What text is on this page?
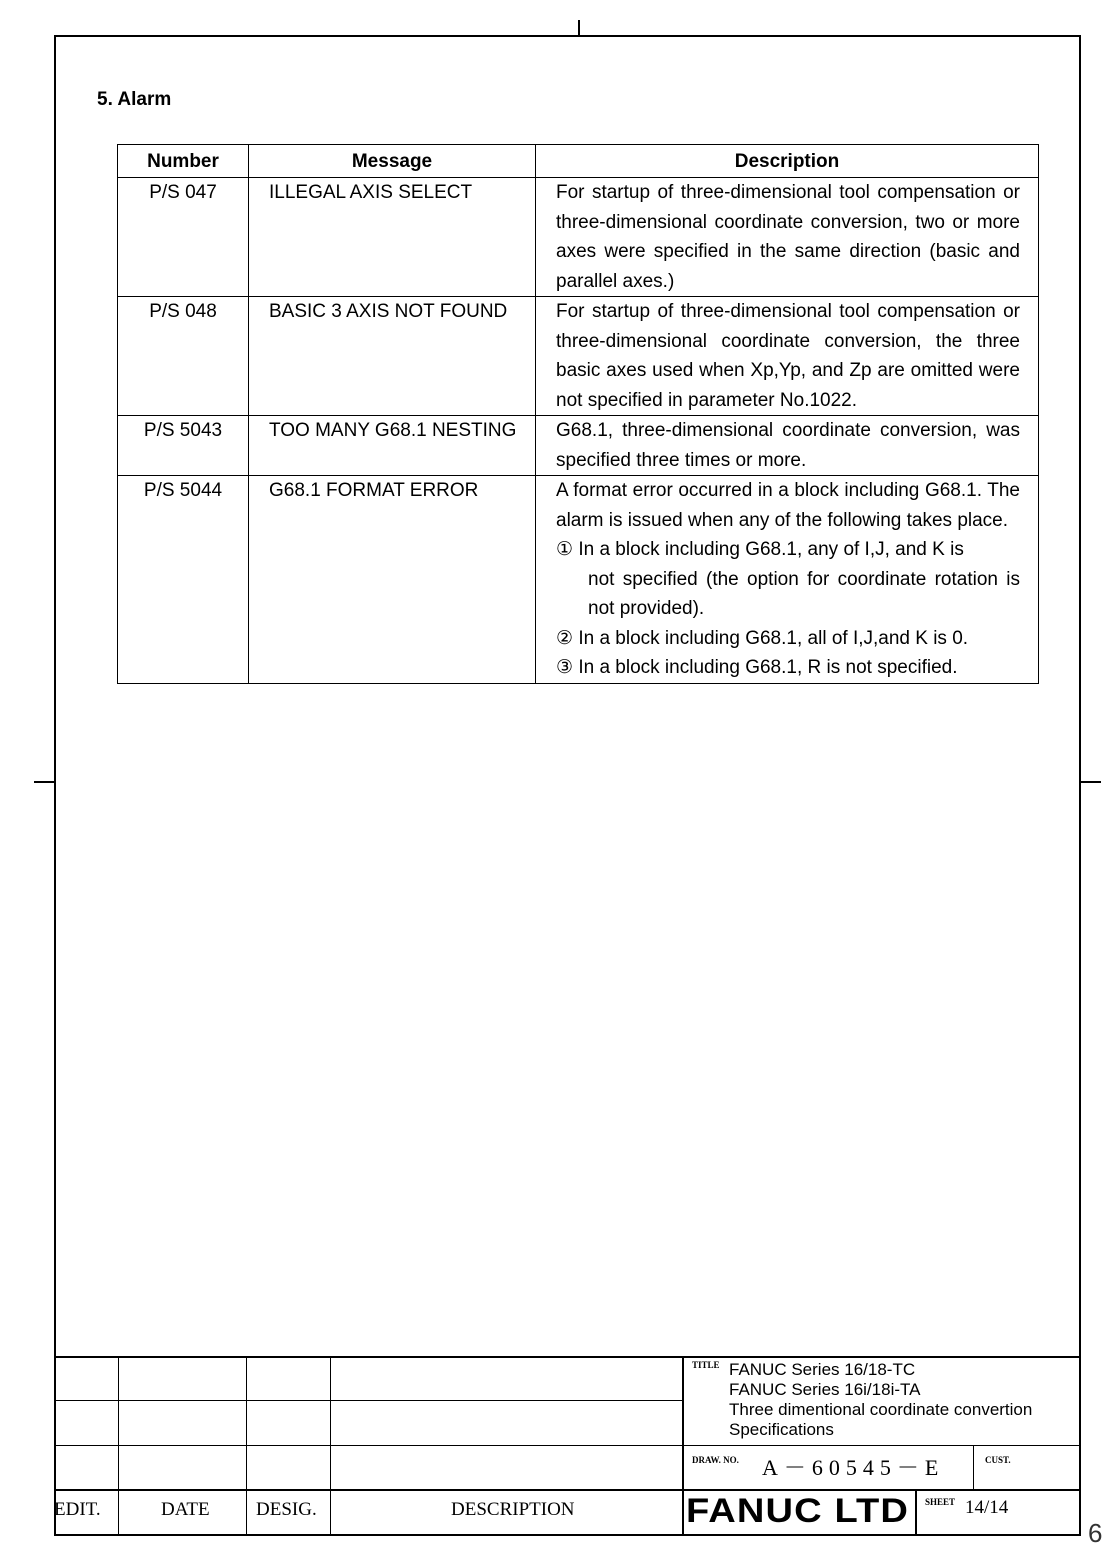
5. Alarm
Number	Message	Description
P/S 047	ILLEGAL AXIS SELECT	For startup of three-dimensional tool compensation or three-dimensional coordinate conversion, two or more axes were specified in the same direction (basic and parallel axes.)
P/S 048	BASIC 3 AXIS NOT FOUND	For startup of three-dimensional tool compensation or three-dimensional coordinate conversion, the three basic axes used when Xp,Yp, and Zp are omitted were not specified in parameter No.1022.
P/S 5043	TOO MANY G68.1 NESTING	G68.1, three-dimensional coordinate conversion, was specified three times or more.
P/S 5044	G68.1 FORMAT ERROR	A format error occurred in a block including G68.1. The alarm is issued when any of the following takes place.
① In a block including G68.1, any of I,J, and K is
not specified (the option for coordinate rotation is not provided).
② In a block including G68.1, all of I,J,and K is 0.
③ In a block including G68.1, R is not specified.
EDIT.	DATE DESIG.	DESCRIPTION
TITLE FANUC Series 16/18-TC
FANUC Series 16i/18i-TA
Three dimentional coordinate convertion
Specifications
DRAW. NO. A－60545－E	CUST.
FANUC LTD SHEET 14/14
6
